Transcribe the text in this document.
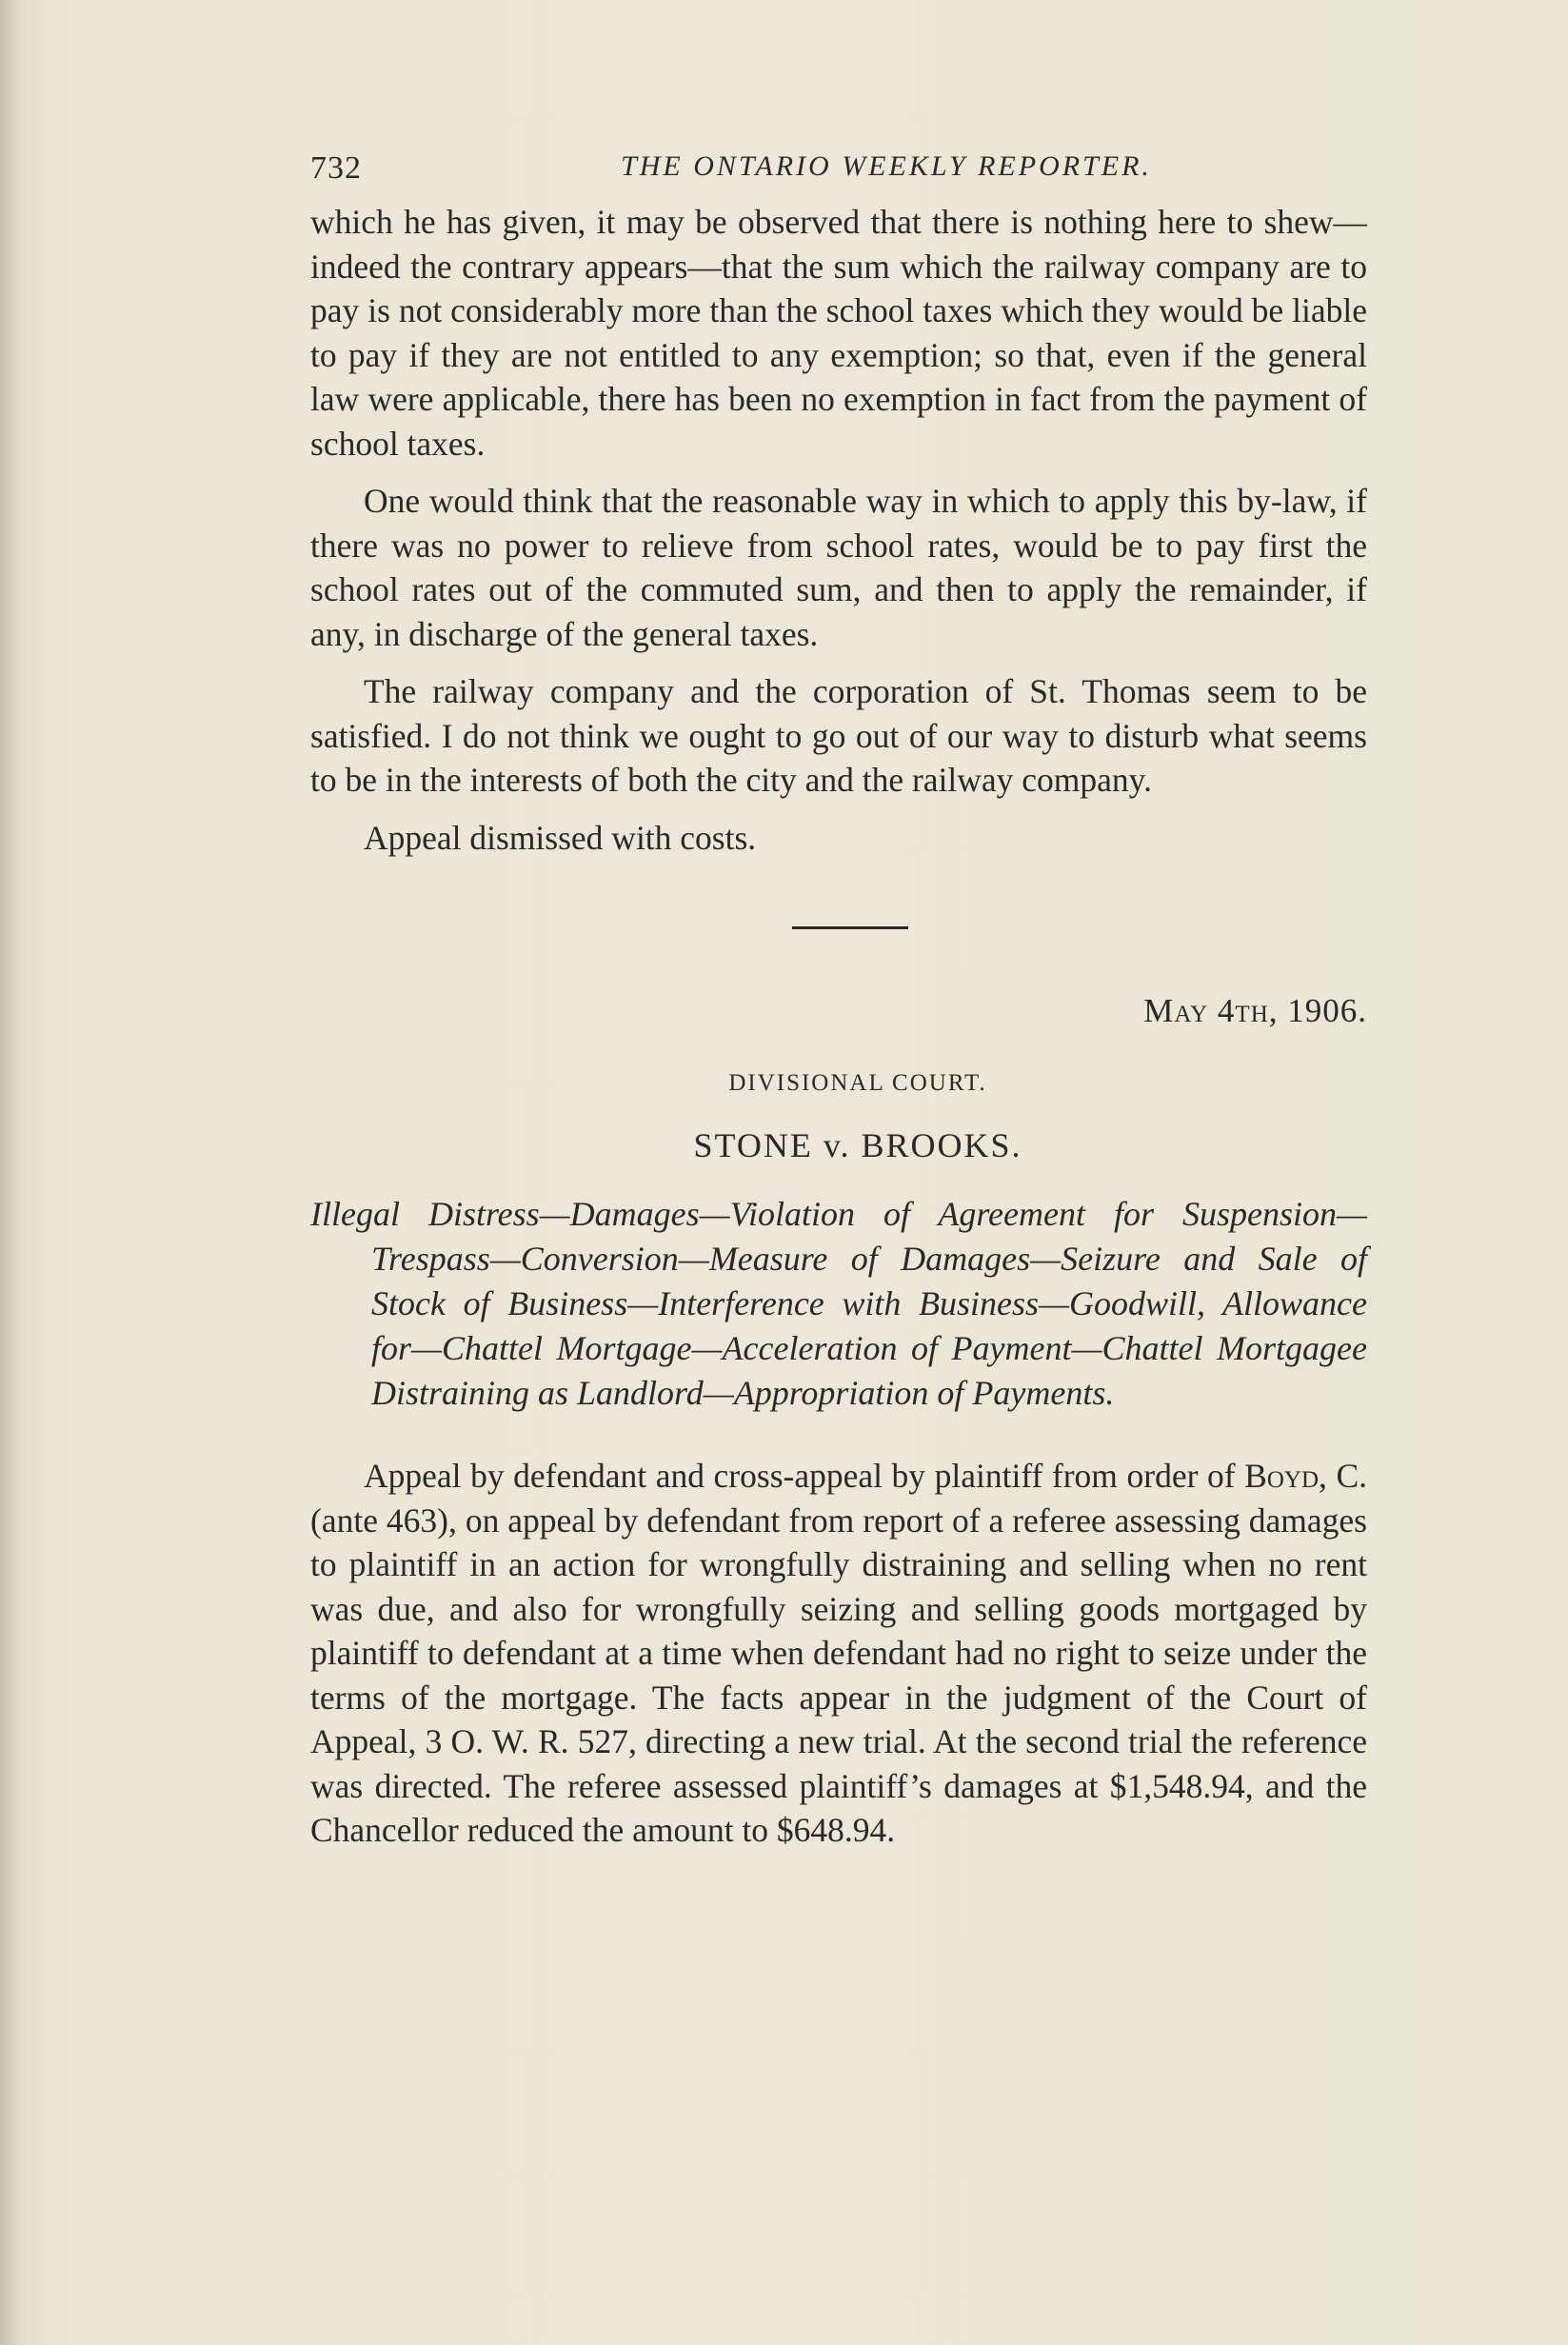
732	THE ONTARIO WEEKLY REPORTER.

which he has given, it may be observed that there is nothing here to shew—indeed the contrary appears—that the sum which the railway company are to pay is not considerably more than the school taxes which they would be liable to pay if they are not entitled to any exemption; so that, even if the general law were applicable, there has been no exemption in fact from the payment of school taxes.

One would think that the reasonable way in which to apply this by-law, if there was no power to relieve from school rates, would be to pay first the school rates out of the commuted sum, and then to apply the remainder, if any, in discharge of the general taxes.

The railway company and the corporation of St. Thomas seem to be satisfied. I do not think we ought to go out of our way to disturb what seems to be in the interests of both the city and the railway company.

Appeal dismissed with costs.

May 4th, 1906.
DIVISIONAL COURT.
STONE v. BROOKS.

Illegal Distress—Damages—Violation of Agreement for Suspension—Trespass—Conversion—Measure of Damages—Seizure and Sale of Stock of Business—Interference with Business—Goodwill, Allowance for—Chattel Mortgage—Acceleration of Payment—Chattel Mortgagee Distraining as Landlord—Appropriation of Payments.

Appeal by defendant and cross-appeal by plaintiff from order of Boyd, C. (ante 463), on appeal by defendant from report of a referee assessing damages to plaintiff in an action for wrongfully distraining and selling when no rent was due, and also for wrongfully seizing and selling goods mortgaged by plaintiff to defendant at a time when defendant had no right to seize under the terms of the mortgage. The facts appear in the judgment of the Court of Appeal, 3 O. W. R. 527, directing a new trial. At the second trial the reference was directed. The referee assessed plaintiff’s damages at $1,548.94, and the Chancellor reduced the amount to $648.94.
